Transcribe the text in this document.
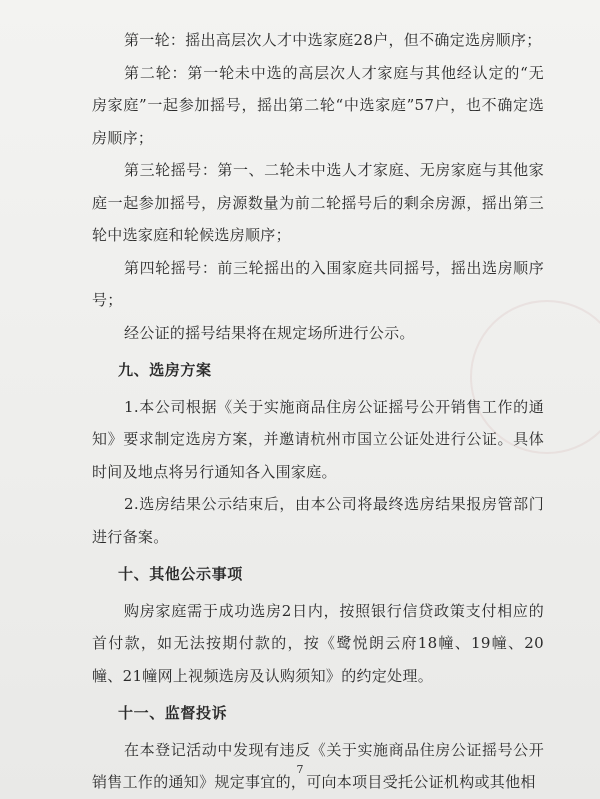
第一轮：摇出高层次人才中选家庭28户，但不确定选房顺序；

第二轮：第一轮未中选的高层次人才家庭与其他经认定的“无房家庭”一起参加摇号，摇出第二轮“中选家庭”57户，也不确定选房顺序；

第三轮摇号：第一、二轮未中选人才家庭、无房家庭与其他家庭一起参加摇号，房源数量为前二轮摇号后的剩余房源，摇出第三轮中选家庭和轮候选房顺序；

第四轮摇号：前三轮摇出的入围家庭共同摇号，摇出选房顺序号；

经公证的摇号结果将在规定场所进行公示。

九、选房方案

1.本公司根据《关于实施商品住房公证摇号公开销售工作的通知》要求制定选房方案，并邀请杭州市国立公证处进行公证。具体时间及地点将另行通知各入围家庭。

2.选房结果公示结束后，由本公司将最终选房结果报房管部门进行备案。

十、其他公示事项

购房家庭需于成功选房2日内，按照银行信贷政策支付相应的首付款，如无法按期付款的，按《鹭悦朗云府18幢、19幢、20幢、21幢网上视频选房及认购须知》的约定处理。

十一、监督投诉

在本登记活动中发现有违反《关于实施商品住房公证摇号公开销售工作的通知》规定事宜的，可向本项目受托公证机构或其他相

7
